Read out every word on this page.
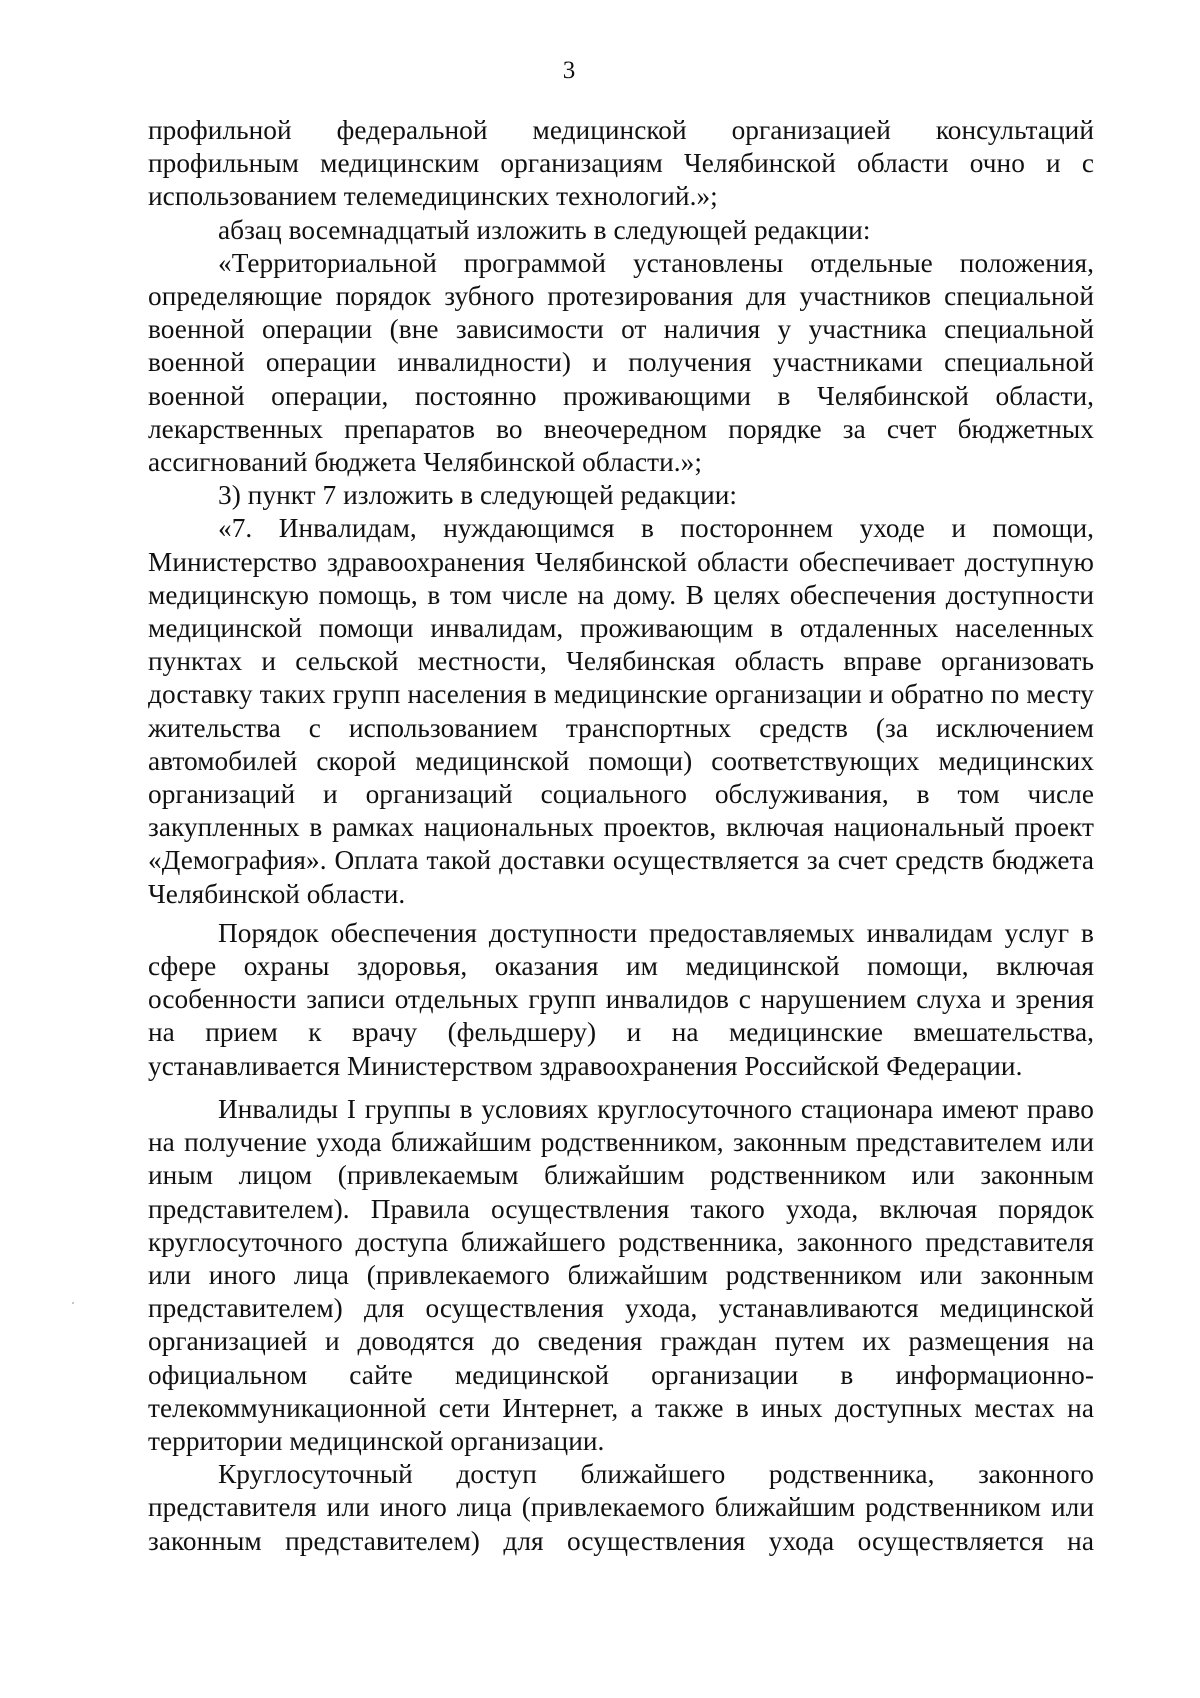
3

профильной федеральной медицинской организацией консультаций профильным медицинским организациям Челябинской области очно и с использованием телемедицинских технологий.»;

абзац восемнадцатый изложить в следующей редакции:

«Территориальной программой установлены отдельные положения, определяющие порядок зубного протезирования для участников специальной военной операции (вне зависимости от наличия у участника специальной военной операции инвалидности) и получения участниками специальной военной операции, постоянно проживающими в Челябинской области, лекарственных препаратов во внеочередном порядке за счет бюджетных ассигнований бюджета Челябинской области.»;

3) пункт 7 изложить в следующей редакции:

«7. Инвалидам, нуждающимся в постороннем уходе и помощи, Министерство здравоохранения Челябинской области обеспечивает доступную медицинскую помощь, в том числе на дому. В целях обеспечения доступности медицинской помощи инвалидам, проживающим в отдаленных населенных пунктах и сельской местности, Челябинская область вправе организовать доставку таких групп населения в медицинские организации и обратно по месту жительства с использованием транспортных средств (за исключением автомобилей скорой медицинской помощи) соответствующих медицинских организаций и организаций социального обслуживания, в том числе закупленных в рамках национальных проектов, включая национальный проект «Демография». Оплата такой доставки осуществляется за счет средств бюджета Челябинской области.

Порядок обеспечения доступности предоставляемых инвалидам услуг в сфере охраны здоровья, оказания им медицинской помощи, включая особенности записи отдельных групп инвалидов с нарушением слуха и зрения на прием к врачу (фельдшеру) и на медицинские вмешательства, устанавливается Министерством здравоохранения Российской Федерации.

Инвалиды I группы в условиях круглосуточного стационара имеют право на получение ухода ближайшим родственником, законным представителем или иным лицом (привлекаемым ближайшим родственником или законным представителем). Правила осуществления такого ухода, включая порядок круглосуточного доступа ближайшего родственника, законного представителя или иного лица (привлекаемого ближайшим родственником или законным представителем) для осуществления ухода, устанавливаются медицинской организацией и доводятся до сведения граждан путем их размещения на официальном сайте медицинской организации в информационно-телекоммуникационной сети Интернет, а также в иных доступных местах на территории медицинской организации.

Круглосуточный доступ ближайшего родственника, законного представителя или иного лица (привлекаемого ближайшим родственником или законным представителем) для осуществления ухода осуществляется на
